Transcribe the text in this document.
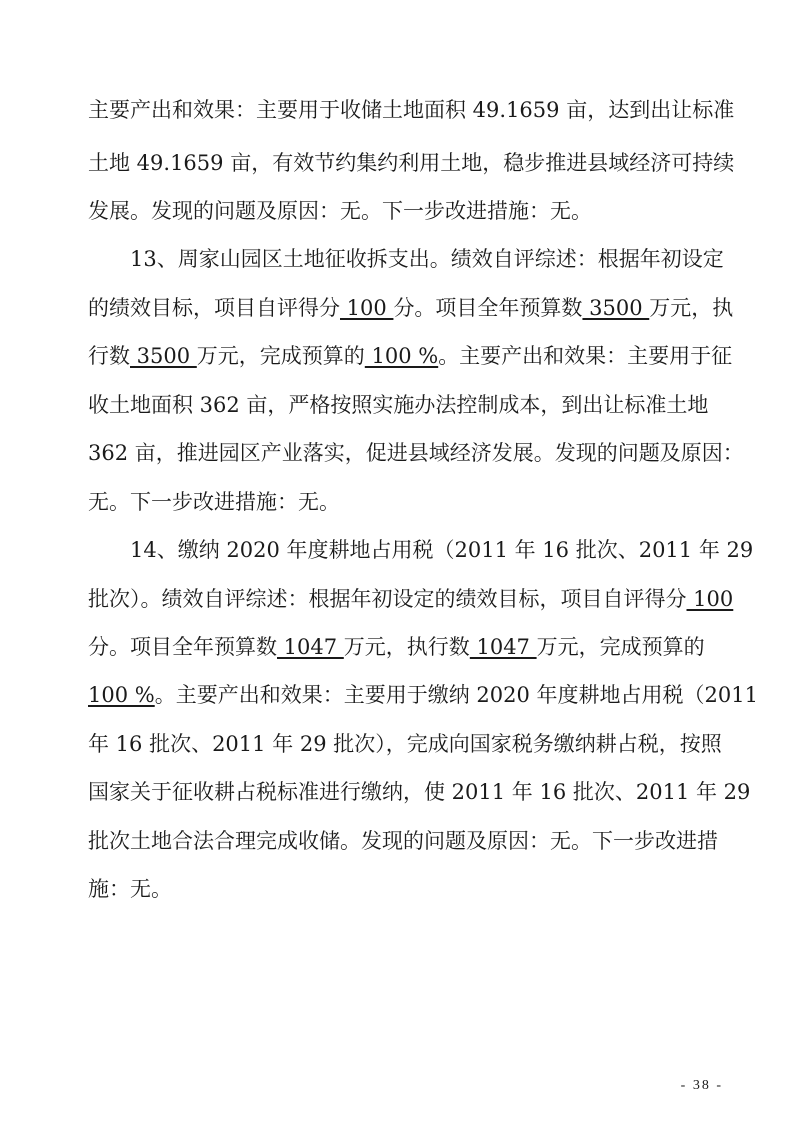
主要产出和效果：主要用于收储土地面积 49.1659 亩，达到出让标准
土地 49.1659 亩，有效节约集约利用土地，稳步推进县域经济可持续
发展。发现的问题及原因：无。下一步改进措施：无。
13、周家山园区土地征收拆支出。绩效自评综述：根据年初设定
的绩效目标，项目自评得分 100 分。项目全年预算数 3500 万元，执
行数 3500 万元，完成预算的 100 %。主要产出和效果：主要用于征
收土地面积 362 亩，严格按照实施办法控制成本，到出让标准土地
362 亩，推进园区产业落实，促进县域经济发展。发现的问题及原因：
无。下一步改进措施：无。
14、缴纳 2020 年度耕地占用税（2011 年 16 批次、2011 年 29
批次）。绩效自评综述：根据年初设定的绩效目标，项目自评得分 100
分。项目全年预算数 1047 万元，执行数 1047 万元，完成预算的
100 %。主要产出和效果：主要用于缴纳 2020 年度耕地占用税（2011
年 16 批次、2011 年 29 批次），完成向国家税务缴纳耕占税，按照
国家关于征收耕占税标准进行缴纳，使 2011 年 16 批次、2011 年 29
批次土地合法合理完成收储。发现的问题及原因：无。下一步改进措
施：无。
- 38 -
